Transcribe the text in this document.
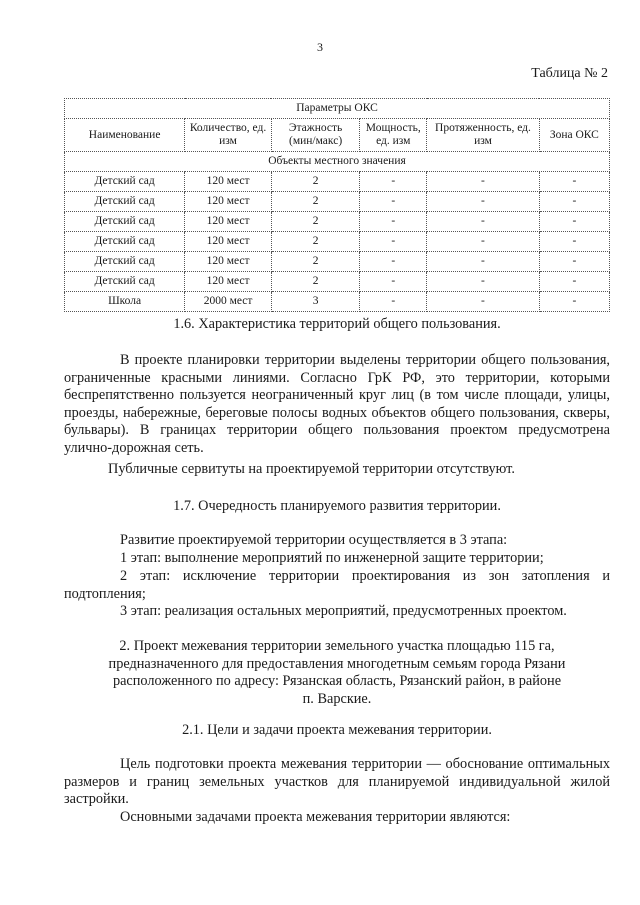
3
Таблица № 2
Параметры ОКС					
Наименование	Количество, ед. изм	Этажность (мин/макс)	Мощность, ед. изм	Протяженность, ед. изм	Зона ОКС
Объекты местного значения					
Детский сад	120 мест	2	-	-	-
Детский сад	120 мест	2	-	-	-
Детский сад	120 мест	2	-	-	-
Детский сад	120 мест	2	-	-	-
Детский сад	120 мест	2	-	-	-
Детский сад	120 мест	2	-	-	-
Школа	2000 мест	3	-	-	-
1.6. Характеристика территорий общего пользования.
В проекте планировки территории выделены территории общего пользования, ограниченные красными линиями. Согласно ГрК РФ, это территории, которыми беспрепятственно пользуется неограниченный круг лиц (в том числе площади, улицы, проезды, набережные, береговые полосы водных объектов общего пользования, скверы, бульвары). В границах территории общего пользования проектом предусмотрена улично-дорожная сеть.
Публичные сервитуты на проектируемой территории отсутствуют.
1.7. Очередность планируемого развития территории.
Развитие проектируемой территории осуществляется в 3 этапа:
1 этап: выполнение мероприятий по инженерной защите территории;
2 этап: исключение территории проектирования из зон затопления и подтопления;
3 этап: реализация остальных мероприятий, предусмотренных проектом.
2. Проект межевания территории земельного участка площадью 115 га,
предназначенного для предоставления многодетным семьям города Рязани
расположенного по адресу: Рязанская область, Рязанский район, в районе
п. Варские.
2.1. Цели и задачи проекта межевания территории.
Цель подготовки проекта межевания территории — обоснование оптимальных размеров и границ земельных участков для планируемой индивидуальной жилой застройки.
Основными задачами проекта межевания территории являются:
